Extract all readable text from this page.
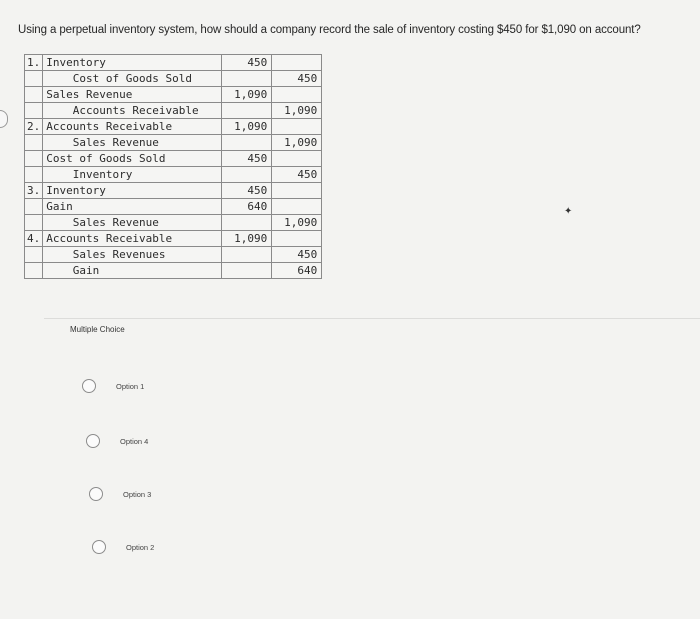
Using a perpetual inventory system, how should a company record the sale of inventory costing $450 for $1,090 on account?
1.	Inventory	450	
	Cost of Goods Sold		450
	Sales Revenue	1,090	
	Accounts Receivable		1,090
2.	Accounts Receivable	1,090	
	Sales Revenue		1,090
	Cost of Goods Sold	450	
	Inventory		450
3.	Inventory	450	
	Gain	640	
	Sales Revenue		1,090
4.	Accounts Receivable	1,090	
	Sales Revenues		450
	Gain		640
✦
Multiple Choice
Option 1
Option 4
Option 3
Option 2
